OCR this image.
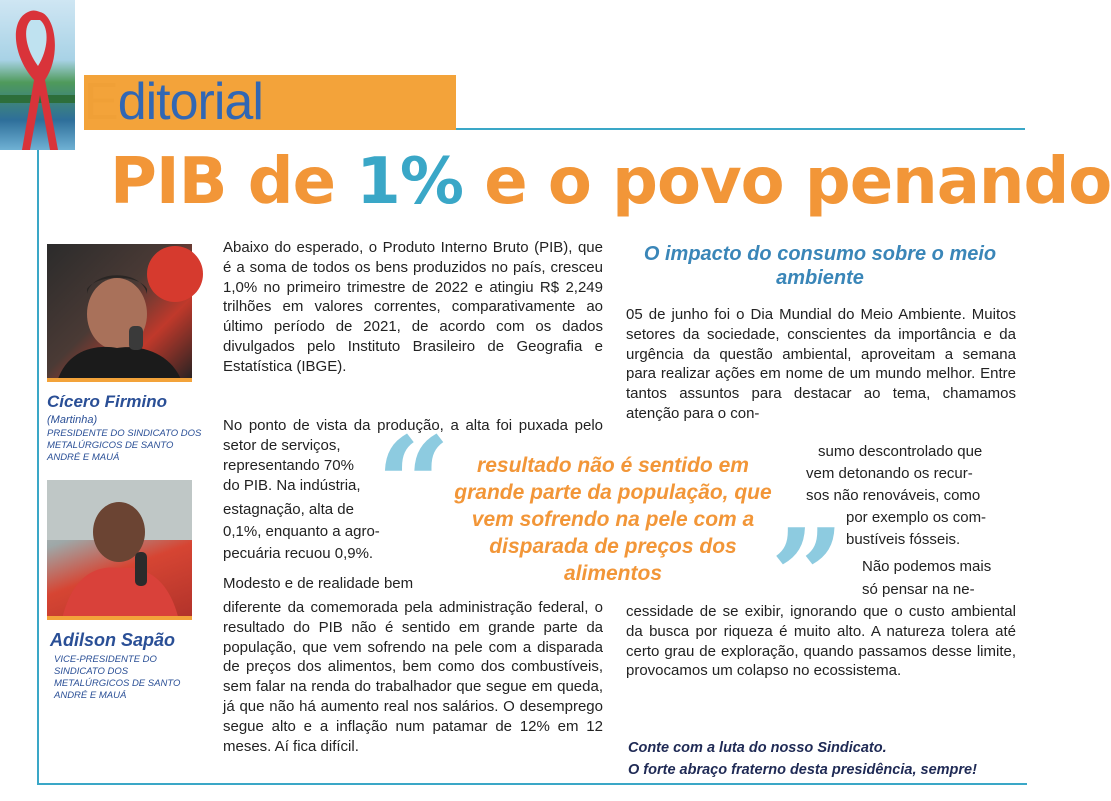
Editorial
PIB de 1% e o povo penando
Cícero Firmino
(Martinha)
PRESIDENTE DO SINDICATO DOS METALÚRGICOS DE SANTO ANDRÉ E MAUÁ
Adilson Sapão
VICE-PRESIDENTE DO SINDICATO DOS METALÚRGICOS DE SANTO ANDRÉ E MAUÁ

Abaixo do esperado, o Produto Interno Bruto (PIB), que é a soma de todos os bens produzidos no país, cresceu 1,0% no primeiro trimestre de 2022 e atingiu R$ 2,249 trilhões em valores correntes, comparativamente ao último período de 2021, de acordo com os dados divulgados pelo Instituto Brasileiro de Geografia e Estatística (IBGE).

No ponto de vista da produção, a alta foi puxada pelo setor de serviços,

representando 70%

do PIB. Na indústria,

estagnação, alta de

0,1%, enquanto a agro-

pecuária recuou 0,9%.

Modesto e de realidade bem

diferente da comemorada pela administração federal, o resultado do PIB não é sentido em grande parte da população, que vem sofrendo na pele com a disparada de preços dos alimentos, bem como dos combustíveis, sem falar na renda do trabalhador que segue em queda, já que não há aumento real nos salários. O desemprego segue alto e a inflação num patamar de 12% em 12 meses. Aí fica difícil.

O impacto do consumo sobre o meio ambiente

05 de junho foi o Dia Mundial do Meio Ambiente. Muitos setores da sociedade, conscientes da importância e da urgência da questão ambiental, aproveitam a semana para realizar ações em nome de um mundo melhor. Entre tantos assuntos para destacar ao tema, chamamos atenção para o con-

sumo descontrolado que

vem detonando os recur-

sos não renováveis, como

por exemplo os com-

bustíveis fósseis.

Não podemos mais

só pensar na ne-

cessidade de se exibir, ignorando que o custo ambiental da busca por riqueza é muito alto. A natureza tolera até certo grau de exploração, quando passamos desse limite, provocamos um colapso no ecossistema.

“	resultado não é sentido em grande parte da população, que vem sofrendo na pele com a disparada de preços dos alimentos ”
Conte com a luta do nosso Sindicato.
O forte abraço fraterno desta presidência, sempre!
